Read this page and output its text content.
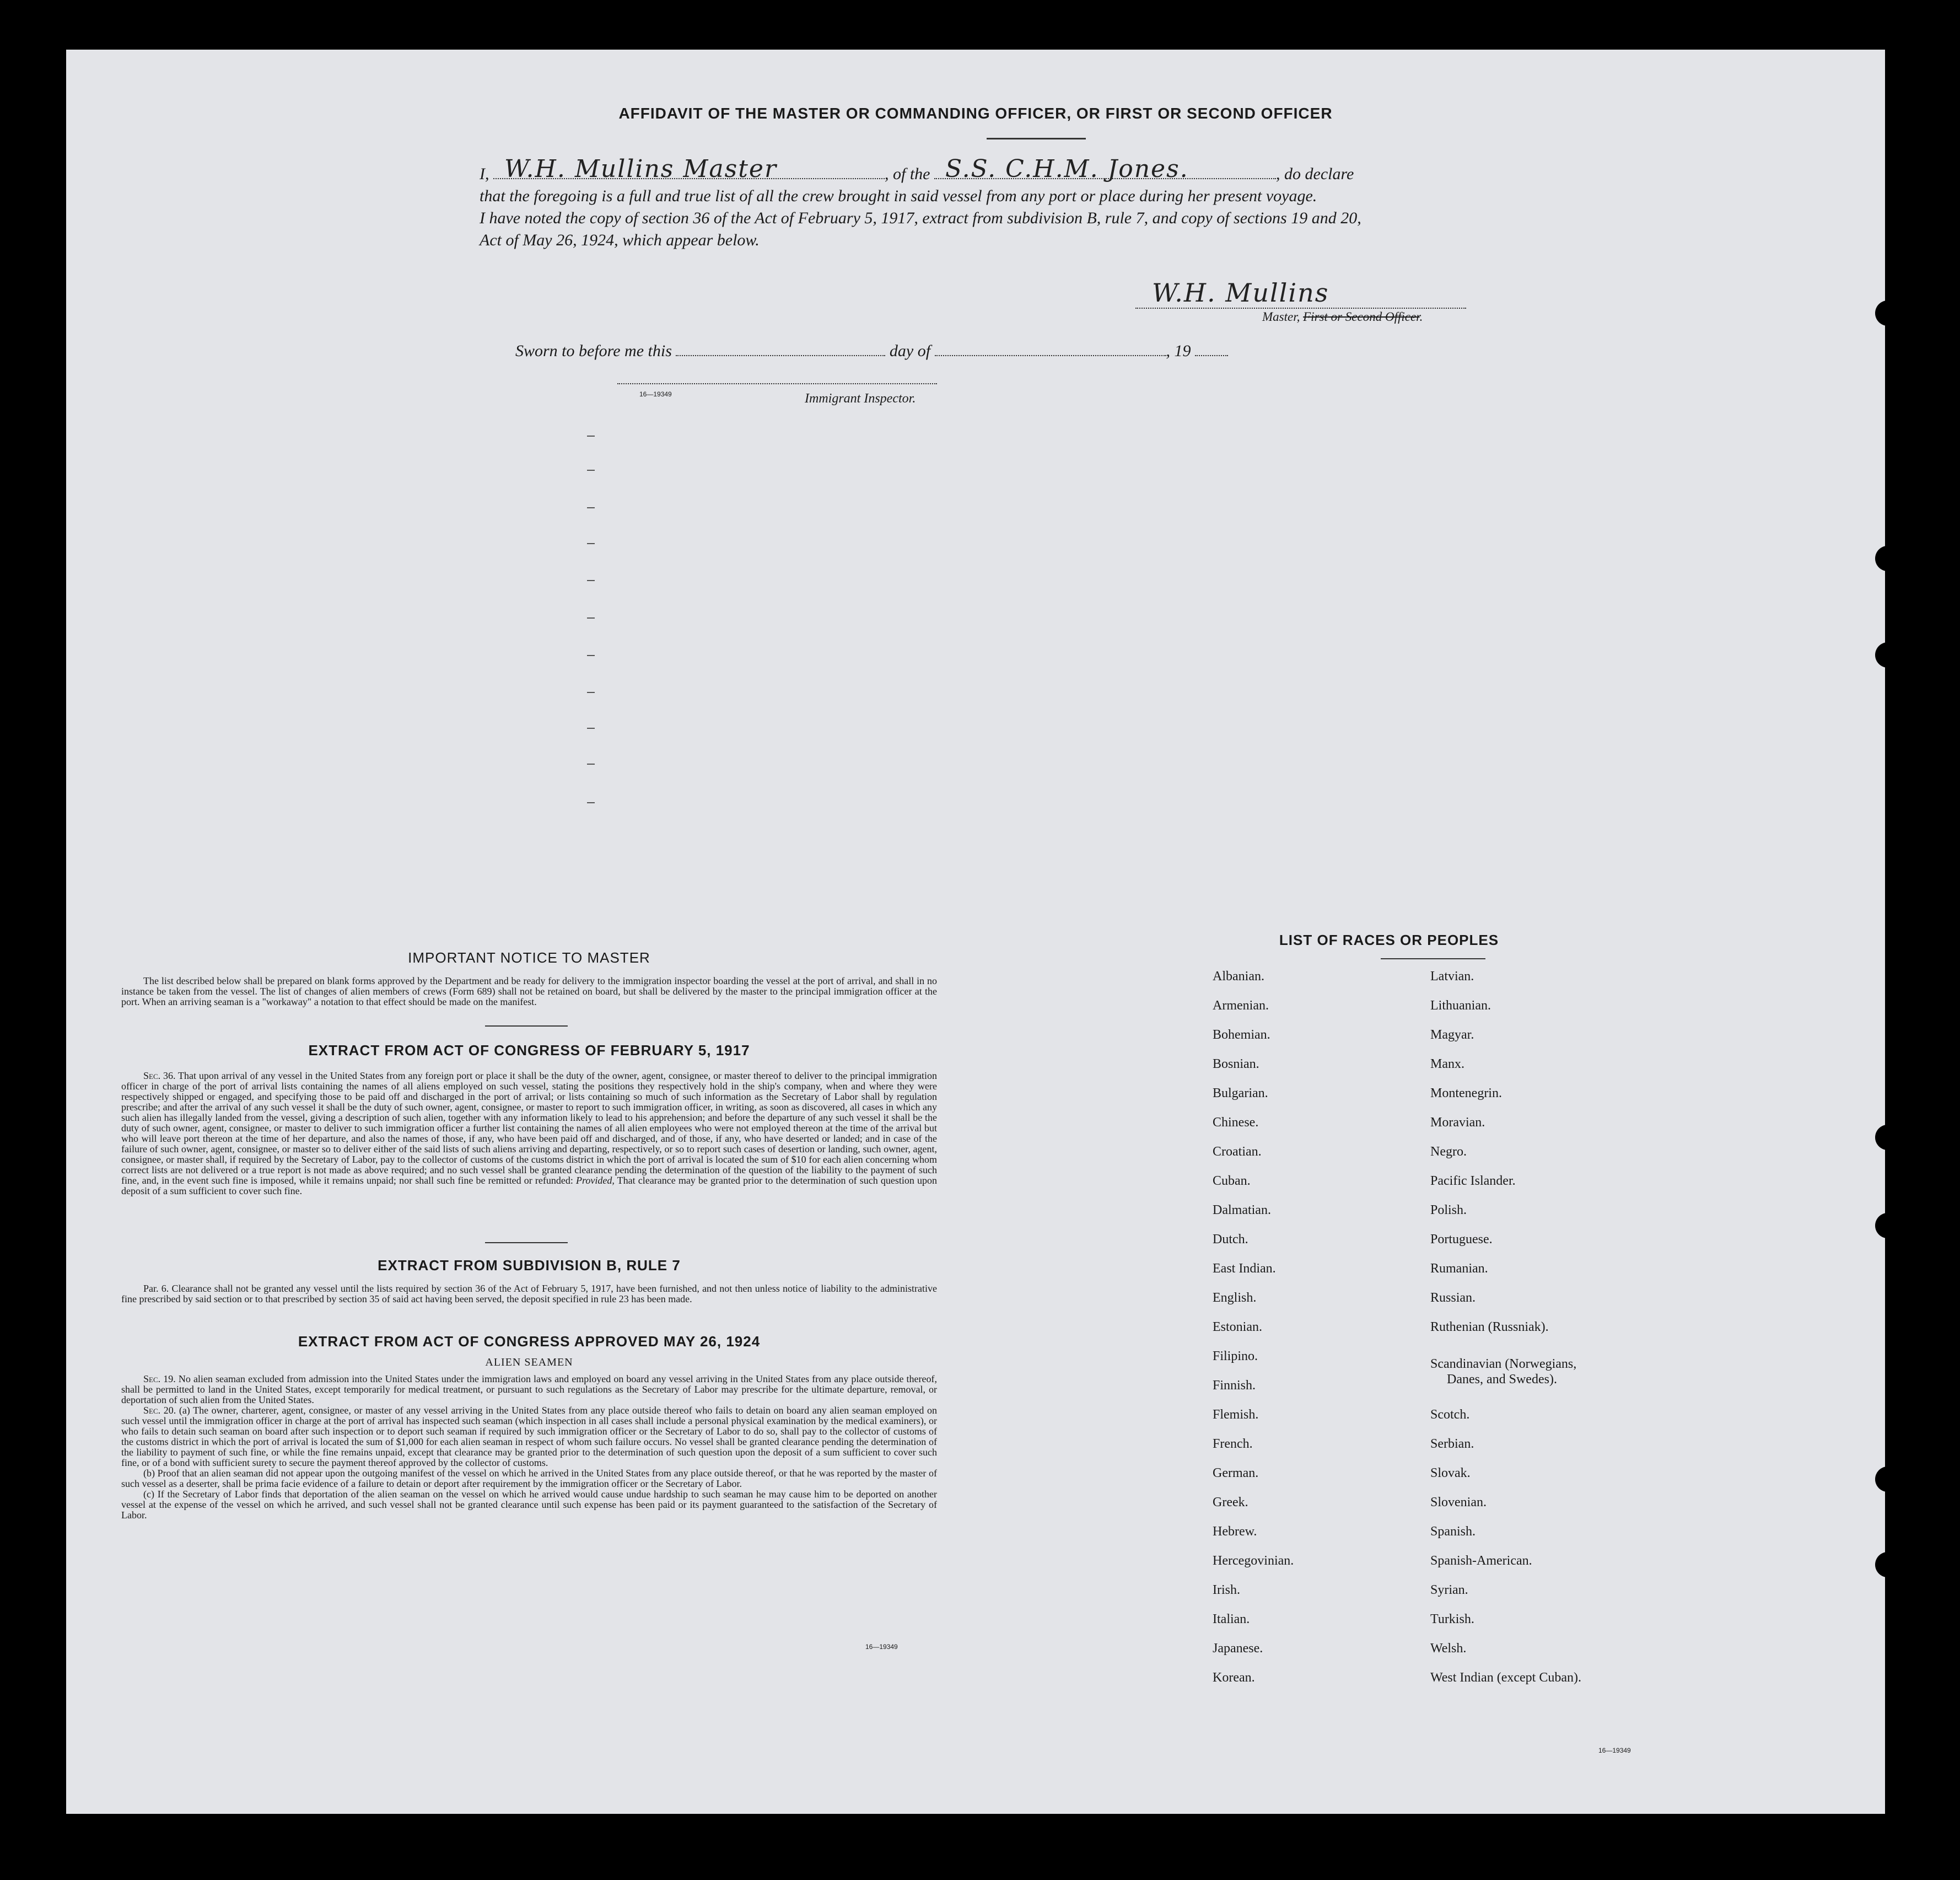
AFFIDAVIT OF THE MASTER OR COMMANDING OFFICER, OR FIRST OR SECOND OFFICER
I, W.H. Mullins Master	, of the S.S. C.H.M. Jones.	, do declare
that the foregoing is a full and true list of all the crew brought in said vessel from any port or place during her present voyage.
I have noted the copy of section 36 of the Act of February 5, 1917, extract from subdivision B, rule 7, and copy of sections 19 and 20,
Act of May 26, 1924, which appear below.
W.H. Mullins
Master, First or Second Officer.
Sworn to before me this	day of	, 19
16—19349	Immigrant Inspector.
IMPORTANT NOTICE TO MASTER

The list described below shall be prepared on blank forms approved by the Department and be ready for delivery to the immigration inspector boarding the vessel at the port of arrival, and shall in no instance be taken from the vessel. The list of changes of alien members of crews (Form 689) shall not be retained on board, but shall be delivered by the master to the principal immigration officer at the port. When an arriving seaman is a "workaway" a notation to that effect should be made on the manifest.

EXTRACT FROM ACT OF CONGRESS OF FEBRUARY 5, 1917

Sec. 36. That upon arrival of any vessel in the United States from any foreign port or place it shall be the duty of the owner, agent, consignee, or master thereof to deliver to the principal immigration officer in charge of the port of arrival lists containing the names of all aliens employed on such vessel, stating the positions they respectively hold in the ship's company, when and where they were respectively shipped or engaged, and specifying those to be paid off and discharged in the port of arrival; or lists containing so much of such information as the Secretary of Labor shall by regulation prescribe; and after the arrival of any such vessel it shall be the duty of such owner, agent, consignee, or master to report to such immigration officer, in writing, as soon as discovered, all cases in which any such alien has illegally landed from the vessel, giving a description of such alien, together with any information likely to lead to his apprehension; and before the departure of any such vessel it shall be the duty of such owner, agent, consignee, or master to deliver to such immigration officer a further list containing the names of all alien employees who were not employed thereon at the time of the arrival but who will leave port thereon at the time of her departure, and also the names of those, if any, who have been paid off and discharged, and of those, if any, who have deserted or landed; and in case of the failure of such owner, agent, consignee, or master so to deliver either of the said lists of such aliens arriving and departing, respectively, or so to report such cases of desertion or landing, such owner, agent, consignee, or master shall, if required by the Secretary of Labor, pay to the collector of customs of the customs district in which the port of arrival is located the sum of $10 for each alien concerning whom correct lists are not delivered or a true report is not made as above required; and no such vessel shall be granted clearance pending the determination of the question of the liability to the payment of such fine, and, in the event such fine is imposed, while it remains unpaid; nor shall such fine be remitted or refunded: Provided, That clearance may be granted prior to the determination of such question upon deposit of a sum sufficient to cover such fine.

EXTRACT FROM SUBDIVISION B, RULE 7

Par. 6. Clearance shall not be granted any vessel until the lists required by section 36 of the Act of February 5, 1917, have been furnished, and not then unless notice of liability to the administrative fine prescribed by said section or to that prescribed by section 35 of said act having been served, the deposit specified in rule 23 has been made.

EXTRACT FROM ACT OF CONGRESS APPROVED MAY 26, 1924
ALIEN SEAMEN

Sec. 19. No alien seaman excluded from admission into the United States under the immigration laws and employed on board any vessel arriving in the United States from any place outside thereof, shall be permitted to land in the United States, except temporarily for medical treatment, or pursuant to such regulations as the Secretary of Labor may prescribe for the ultimate departure, removal, or deportation of such alien from the United States.

Sec. 20. (a) The owner, charterer, agent, consignee, or master of any vessel arriving in the United States from any place outside thereof who fails to detain on board any alien seaman employed on such vessel until the immigration officer in charge at the port of arrival has inspected such seaman (which inspection in all cases shall include a personal physical examination by the medical examiners), or who fails to detain such seaman on board after such inspection or to deport such seaman if required by such immigration officer or the Secretary of Labor to do so, shall pay to the collector of customs of the customs district in which the port of arrival is located the sum of $1,000 for each alien seaman in respect of whom such failure occurs. No vessel shall be granted clearance pending the determination of the liability to payment of such fine, or while the fine remains unpaid, except that clearance may be granted prior to the determination of such question upon the deposit of a sum sufficient to cover such fine, or of a bond with sufficient surety to secure the payment thereof approved by the collector of customs.

(b) Proof that an alien seaman did not appear upon the outgoing manifest of the vessel on which he arrived in the United States from any place outside thereof, or that he was reported by the master of such vessel as a deserter, shall be prima facie evidence of a failure to detain or deport after requirement by the immigration officer or the Secretary of Labor.

(c) If the Secretary of Labor finds that deportation of the alien seaman on the vessel on which he arrived would cause undue hardship to such seaman he may cause him to be deported on another vessel at the expense of the vessel on which he arrived, and such vessel shall not be granted clearance until such expense has been paid or its payment guaranteed to the satisfaction of the Secretary of Labor.

16—19349
LIST OF RACES OR PEOPLES
Albanian.
Armenian.
Bohemian.
Bosnian.
Bulgarian.
Chinese.
Croatian.
Cuban.
Dalmatian.
Dutch.
East Indian.
English.
Estonian.
Filipino.
Finnish.
Flemish.
French.
German.
Greek.
Hebrew.
Hercegovinian.
Irish.
Italian.
Japanese.
Korean.
Latvian.
Lithuanian.
Magyar.
Manx.
Montenegrin.
Moravian.
Negro.
Pacific Islander.
Polish.
Portuguese.
Rumanian.
Russian.
Ruthenian (Russniak).
Scandinavian (Norwegians,
Danes, and Swedes).
Scotch.
Serbian.
Slovak.
Slovenian.
Spanish.
Spanish-American.
Syrian.
Turkish.
Welsh.
West Indian (except Cuban).
16—19349
